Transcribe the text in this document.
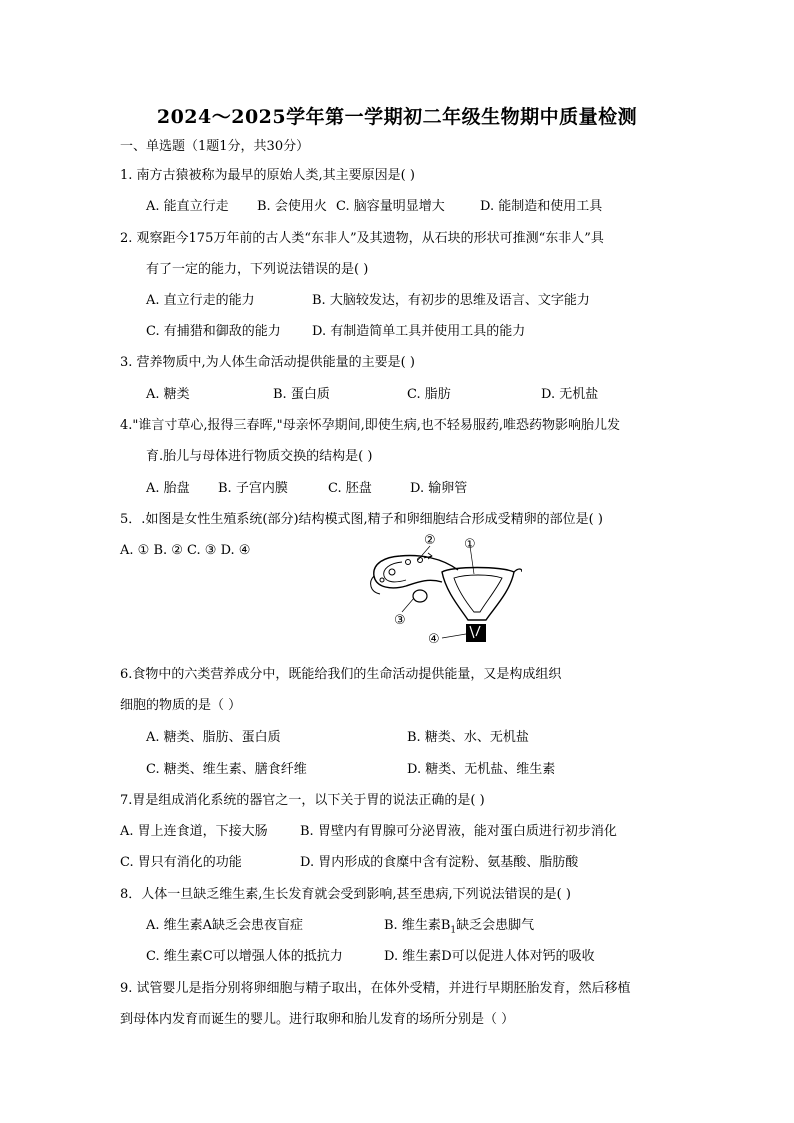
2024～2025学年第一学期初二年级生物期中质量检测
一、单选题（1题1分，共30分）
1. 南方古猿被称为最早的原始人类,其主要原因是( )
A. 能直立行走 B. 会使用火 C. 脑容量明显增大	D. 能制造和使用工具
2. 观察距今175万年前的古人类“东非人”及其遗物，从石块的形状可推测“东非人”具
有了一定的能力，下列说法错误的是( )
A. 直立行走的能力	B. 大脑较发达，有初步的思维及语言、文字能力
C. 有捕猎和御敌的能力 D. 有制造简单工具并使用工具的能力
3. 营养物质中,为人体生命活动提供能量的主要是( )
A. 糖类	B. 蛋白质	C. 脂肪	D. 无机盐
4."谁言寸草心,报得三春晖,"母亲怀孕期间,即使生病,也不轻易服药,唯恐药物影响胎儿发
育.胎儿与母体进行物质交换的结构是( )
A. 胎盘 B. 子宫内膜	C. 胚盘	D. 输卵管
5．.如图是女性生殖系统(部分)结构模式图,精子和卵细胞结合形成受精卵的部位是( )
A. ① B. ② C. ③ D. ④	①
②
③
④
6.食物中的六类营养成分中，既能给我们的生命活动提供能量，又是构成组织
细胞的物质的是（ ）
A. 糖类、脂肪、蛋白质	B. 糖类、水、无机盐
C. 糖类、维生素、膳食纤维	D. 糖类、无机盐、维生素
7.胃是组成消化系统的器官之一，以下关于胃的说法正确的是( )
A. 胃上连食道，下接大肠 B. 胃壁内有胃腺可分泌胃液，能对蛋白质进行初步消化
C. 胃只有消化的功能	D. 胃内形成的食糜中含有淀粉、氨基酸、脂肪酸
8．人体一旦缺乏维生素,生长发育就会受到影响,甚至患病,下列说法错误的是( )
A. 维生素A缺乏会患夜盲症	B. 维生素$B_1$缺乏会患脚气
C. 维生素C可以增强人体的抵抗力	D. 维生素D可以促进人体对钙的吸收
9. 试管婴儿是指分别将卵细胞与精子取出，在体外受精，并进行早期胚胎发育，然后移植
到母体内发育而诞生的婴儿。进行取卵和胎儿发育的场所分别是（ ）
